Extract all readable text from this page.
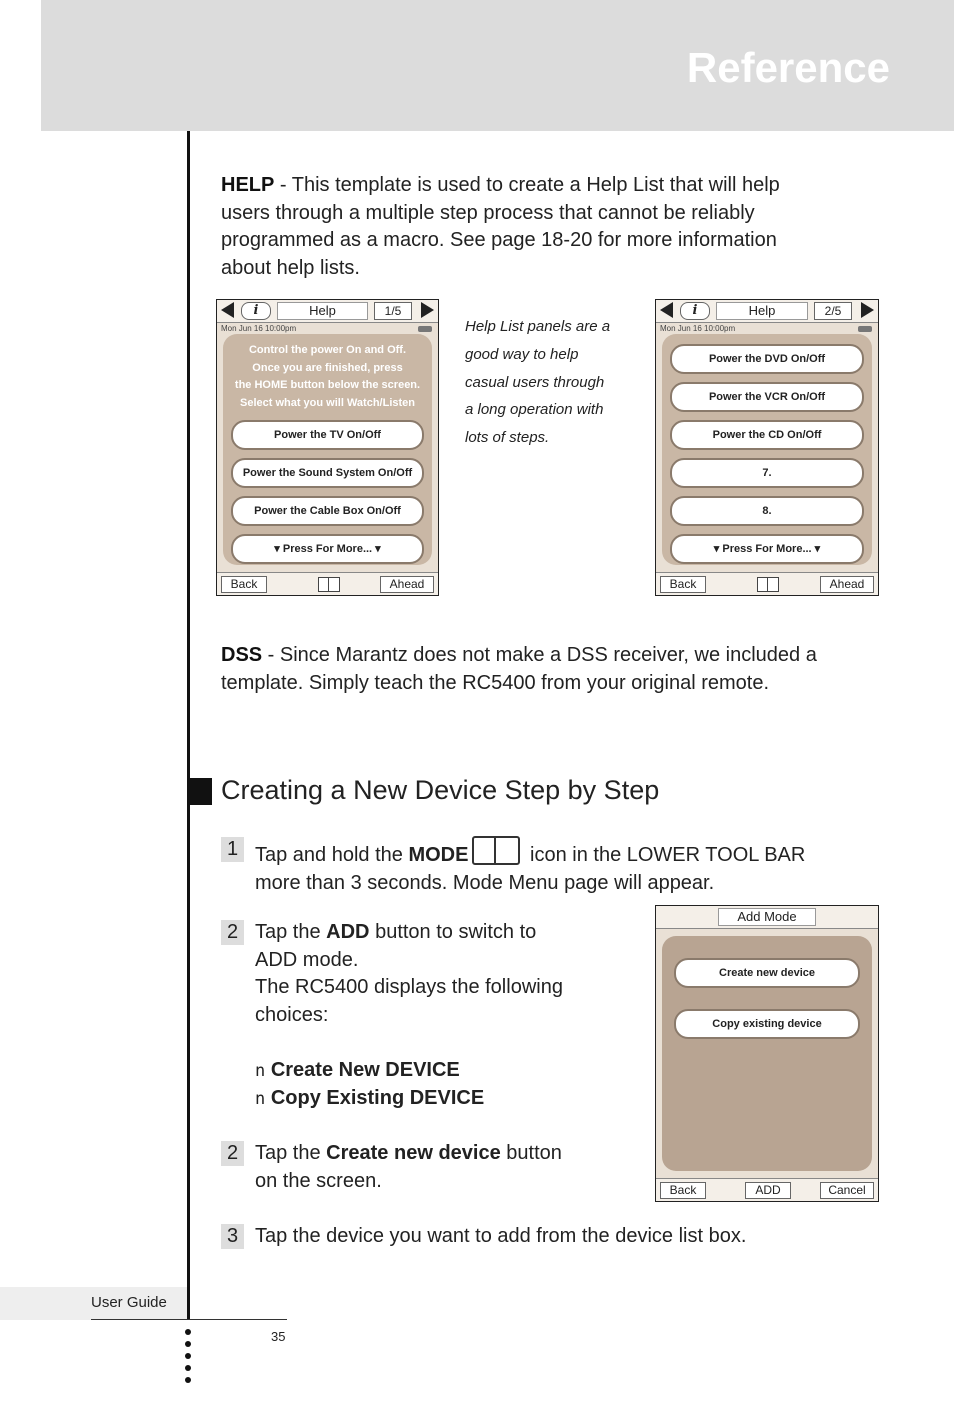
Reference
HELP - This template is used to create a Help List that will help
users through a multiple step process that cannot be reliably
programmed as a macro. See page 18-20 for more information
about help lists.
i	Help	1/5
Mon Jun 16 10:00pm
Control the power On and Off.
Once you are finished, press
the HOME button below the screen.
Select what you will Watch/Listen
Power the TV On/Off
Power the Sound System On/Off
Power the Cable Box On/Off
▾ Press For More... ▾
Back	Ahead
Help List panels are a
good way to help
casual users through
a long operation with
lots of steps.
i	Help	2/5
Mon Jun 16 10:00pm
Power the DVD On/Off
Power the VCR On/Off
Power the CD On/Off
7.
8.
▾ Press For More... ▾
Back	Ahead
DSS - Since Marantz does not make a DSS receiver, we included a
template. Simply teach the RC5400 from your original remote.
Creating a New Device Step by Step
1 Tap and hold the MODE	icon in the LOWER TOOL BAR
more than 3 seconds. Mode Menu page will appear.
2 Tap the ADD button to switch to
ADD mode.
The RC5400 displays the following
choices:
n Create New DEVICE
n Copy Existing DEVICE
2 Tap the Create new device button
on the screen.
3 Tap the device you want to add from the device list box.
Add Mode
Create new device
Copy existing device
Back	ADD	Cancel
User Guide
35
